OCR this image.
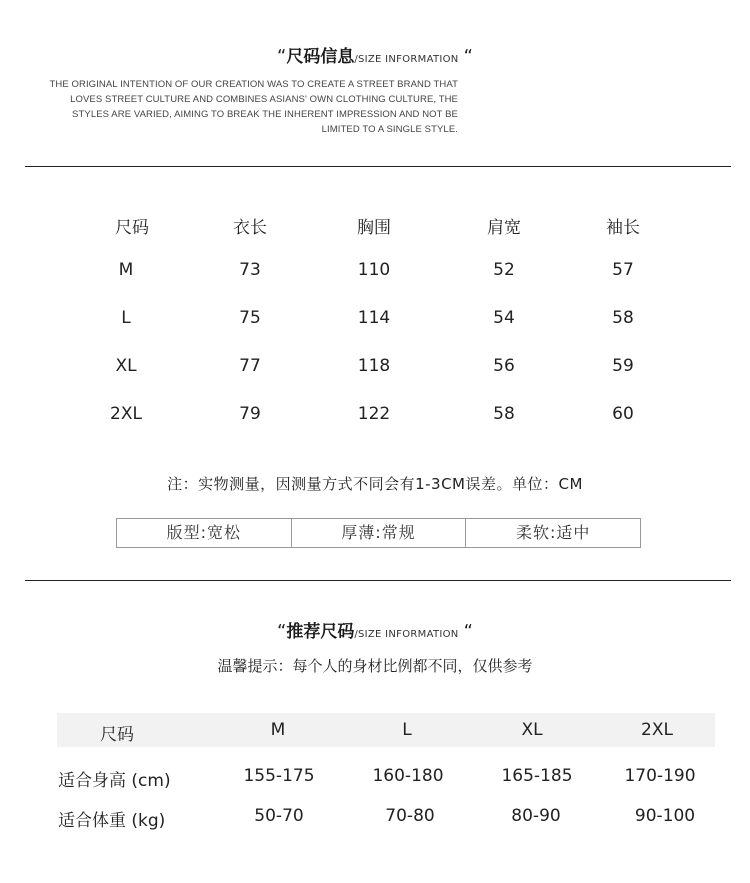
“尺码信息/SIZE INFORMATION “
THE ORIGINAL INTENTION OF OUR CREATION WAS TO CREATE A STREET BRAND THAT
LOVES STREET CULTURE AND COMBINES ASIANS' OWN CLOTHING CULTURE, THE
STYLES ARE VARIED, AIMING TO BREAK THE INHERENT IMPRESSION AND NOT BE
LIMITED TO A SINGLE STYLE.
尺码	衣长	胸围	肩宽	袖长
M	73	110	52	57
L	75	114	54	58
XL	77	118	56	59
2XL	79	122	58	60
注：实物测量，因测量方式不同会有1-3CM误差。单位：CM
版型:宽松	厚薄:常规	柔软:适中
“推荐尺码/SIZE INFORMATION “
温馨提示：每个人的身材比例都不同，仅供参考
尺码	M	L	XL	2XL
适合身高 (cm)	155-175	160-180	165-185	170-190
适合体重 (kg)	50-70	70-80	80-90	90-100
